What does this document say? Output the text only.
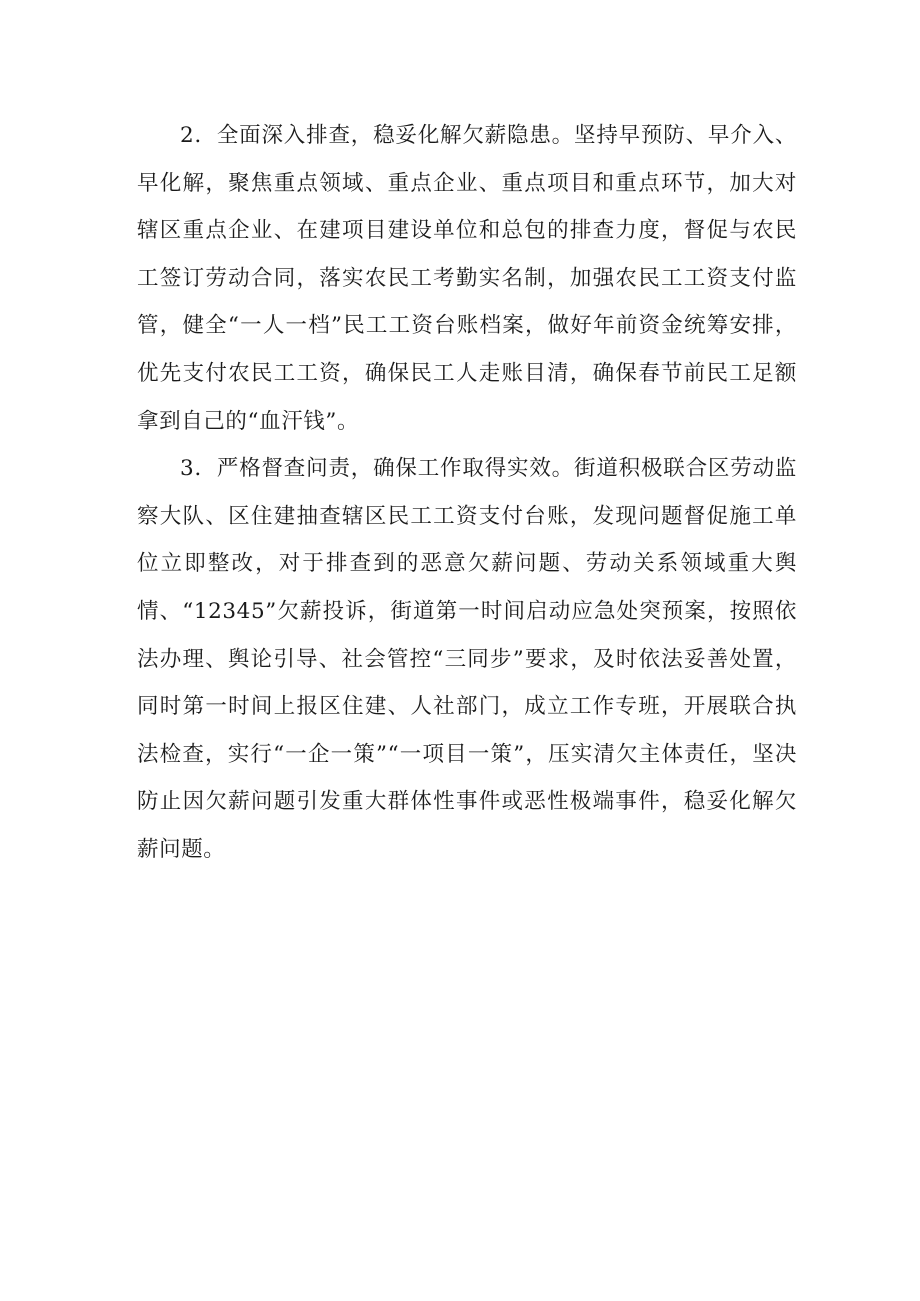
2．全面深入排查，稳妥化解欠薪隐患。坚持早预防、早介入、早化解，聚焦重点领域、重点企业、重点项目和重点环节，加大对辖区重点企业、在建项目建设单位和总包的排查力度，督促与农民工签订劳动合同，落实农民工考勤实名制，加强农民工工资支付监管，健全“一人一档”民工工资台账档案，做好年前资金统筹安排，优先支付农民工工资，确保民工人走账目清，确保春节前民工足额拿到自己的“血汗钱”。

3．严格督查问责，确保工作取得实效。街道积极联合区劳动监察大队、区住建抽查辖区民工工资支付台账，发现问题督促施工单位立即整改，对于排查到的恶意欠薪问题、劳动关系领域重大舆情、“12345”欠薪投诉，街道第一时间启动应急处突预案，按照依法办理、舆论引导、社会管控“三同步”要求，及时依法妥善处置，同时第一时间上报区住建、人社部门，成立工作专班，开展联合执法检查，实行“一企一策”“一项目一策”，压实清欠主体责任，坚决防止因欠薪问题引发重大群体性事件或恶性极端事件，稳妥化解欠薪问题。
